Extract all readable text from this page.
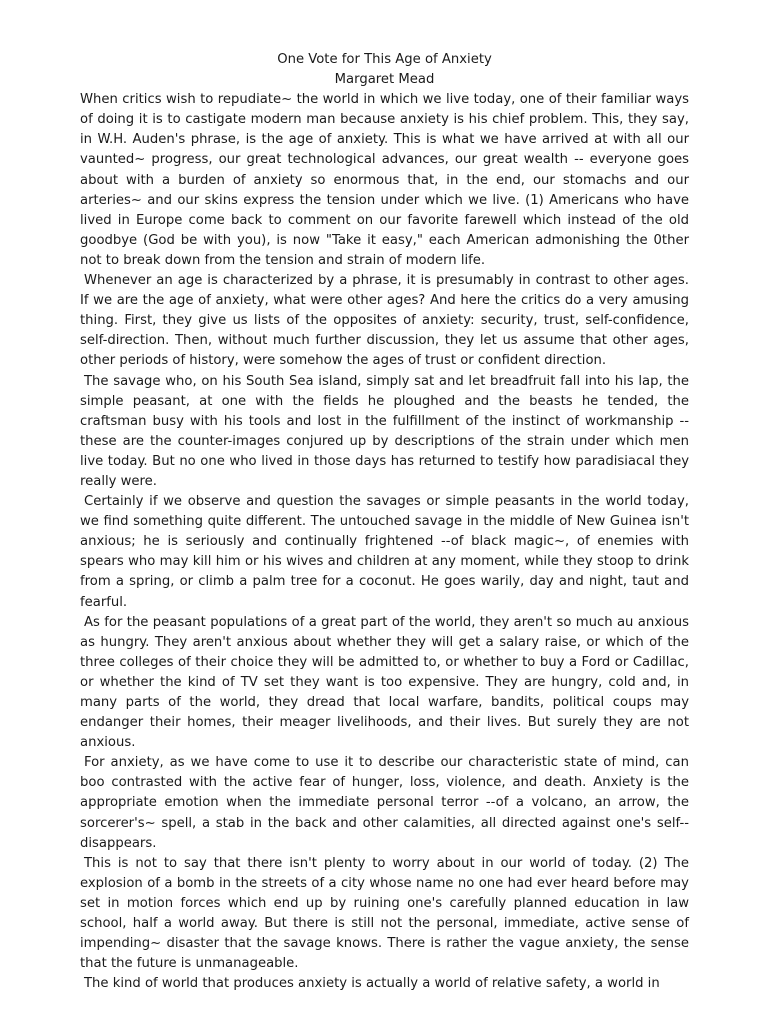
One Vote for This Age of Anxiety

Margaret Mead

When critics wish to repudiate~ the world in which we live today, one of their familiar ways of doing it is to castigate modern man because anxiety is his chief problem. This, they say, in W.H. Auden's phrase, is the age of anxiety. This is what we have arrived at with all our vaunted~ progress, our great technological advances, our great wealth -- everyone goes about with a burden of anxiety so enormous that, in the end, our stomachs and our arteries~ and our skins express the tension under which we live. (1) Americans who have lived in Europe come back to comment on our favorite farewell which instead of the old goodbye (God be with you), is now "Take it easy," each American admonishing the 0ther not to break down from the tension and strain of modern life.

Whenever an age is characterized by a phrase, it is presumably in contrast to other ages. If we are the age of anxiety, what were other ages? And here the critics do a very amusing thing. First, they give us lists of the opposites of anxiety: security, trust, self-confidence, self-direction. Then, without much further discussion, they let us assume that other ages, other periods of history, were somehow the ages of trust or confident direction.

The savage who, on his South Sea island, simply sat and let breadfruit fall into his lap, the simple peasant, at one with the fields he ploughed and the beasts he tended, the craftsman busy with his tools and lost in the fulfillment of the instinct of workmanship -- these are the counter-images conjured up by descriptions of the strain under which men live today. But no one who lived in those days has returned to testify how paradisiacal they really were.

Certainly if we observe and question the savages or simple peasants in the world today, we find something quite different. The untouched savage in the middle of New Guinea isn't anxious; he is seriously and continually frightened --of black magic~, of enemies with spears who may kill him or his wives and children at any moment, while they stoop to drink from a spring, or climb a palm tree for a coconut. He goes warily, day and night, taut and fearful.

As for the peasant populations of a great part of the world, they aren't so much au anxious as hungry. They aren't anxious about whether they will get a salary raise, or which of the three colleges of their choice they will be admitted to, or whether to buy a Ford or Cadillac, or whether the kind of TV set they want is too expensive. They are hungry, cold and, in many parts of the world, they dread that local warfare, bandits, political coups may endanger their homes, their meager livelihoods, and their lives. But surely they are not anxious.

For anxiety, as we have come to use it to describe our characteristic state of mind, can boo contrasted with the active fear of hunger, loss, violence, and death. Anxiety is the appropriate emotion when the immediate personal terror --of a volcano, an arrow, the sorcerer's~ spell, a stab in the back and other calamities, all directed against one's self--disappears.

This is not to say that there isn't plenty to worry about in our world of today. (2) The explosion of a bomb in the streets of a city whose name no one had ever heard before may set in motion forces which end up by ruining one's carefully planned education in law school, half a world away. But there is still not the personal, immediate, active sense of impending~ disaster that the savage knows. There is rather the vague anxiety, the sense that the future is unmanageable.

The kind of world that produces anxiety is actually a world of relative safety, a world in
